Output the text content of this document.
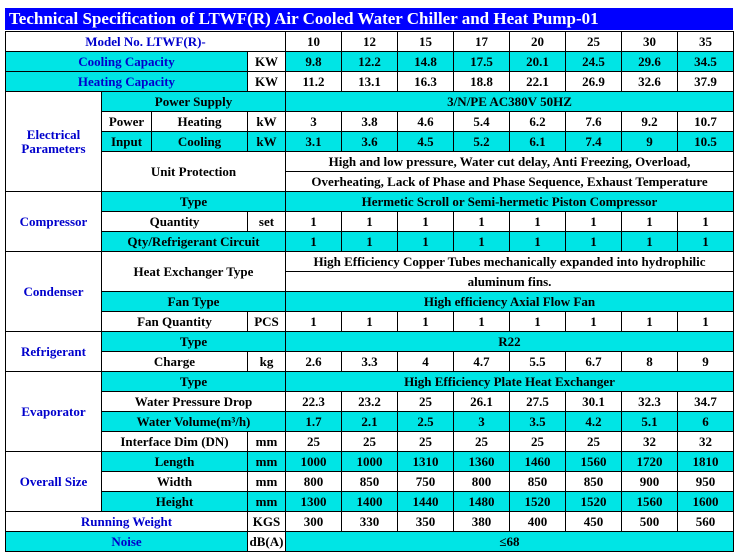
Technical Specification of LTWF(R) Air Cooled Water Chiller and Heat Pump-01
Model No. LTWF(R)-				10	12	15	17	20	25	30	35
Cooling Capacity			KW	9.8	12.2	14.8	17.5	20.1	24.5	29.6	34.5
Heating Capacity			KW	11.2	13.1	16.3	18.8	22.1	26.9	32.6	37.9
Electrical Parameters	Power Supply			3/N/PE AC380V 50HZ							
	Power	Heating	kW	3	3.8	4.6	5.4	6.2	7.6	9.2	10.7
	Input	Cooling	kW	3.1	3.6	4.5	5.2	6.1	7.4	9	10.5
	Unit Protection			High and low pressure, Water cut delay, Anti Freezing, Overload,							
				Overheating, Lack of Phase and Phase Sequence, Exhaust Temperature							
Compressor	Type			Hermetic Scroll or Semi-hermetic Piston Compressor							
	Quantity		set	1	1	1	1	1	1	1	1
	Qty/Refrigerant Circuit			1	1	1	1	1	1	1	1
Condenser	Heat Exchanger Type			High Efficiency Copper Tubes mechanically expanded into hydrophilic							
				aluminum fins.							
	Fan Type			High efficiency Axial Flow Fan							
	Fan Quantity		PCS	1	1	1	1	1	1	1	1
Refrigerant	Type			R22							
	Charge		kg	2.6	3.3	4	4.7	5.5	6.7	8	9
Evaporator	Type			High Efficiency Plate Heat Exchanger							
	Water Pressure Drop			22.3	23.2	25	26.1	27.5	30.1	32.3	34.7
	Water Volume(m³/h)			1.7	2.1	2.5	3	3.5	4.2	5.1	6
	Interface Dim (DN)		mm	25	25	25	25	25	25	32	32
Overall Size	Length		mm	1000	1000	1310	1360	1460	1560	1720	1810
	Width		mm	800	850	750	800	850	850	900	950
	Height		mm	1300	1400	1440	1480	1520	1520	1560	1600
Running Weight			KGS	300	330	350	380	400	450	500	560
Noise			dB(A)	≤68							
